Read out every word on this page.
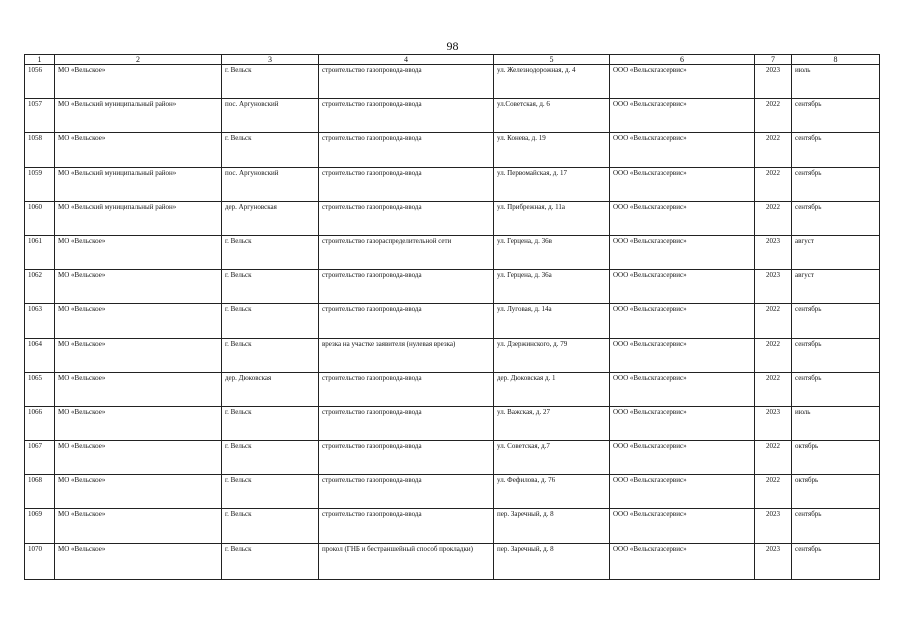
98
1	2	3	4	5	6	7	8
1056	МО «Вельское»	г. Вельск	строительство газопровода-ввода	ул. Железнодорожная, д. 4	ООО «Вельскгазсервис»	2023	июль
1057	МО «Вельский муниципальный район»	пос. Аргуновский	строительство газопровода-ввода	ул.Советская, д. 6	ООО «Вельскгазсервис»	2022	сентябрь
1058	МО «Вельское»	г. Вельск	строительство газопровода-ввода	ул. Конева, д. 19	ООО «Вельскгазсервис»	2022	сентябрь
1059	МО «Вельский муниципальный район»	пос. Аргуновский	строительство газопровода-ввода	ул. Первомайская, д. 17	ООО «Вельскгазсервис»	2022	сентябрь
1060	МО «Вельский муниципальный район»	дер. Аргуновская	строительство газопровода-ввода	ул. Прибрежная, д. 11а	ООО «Вельскгазсервис»	2022	сентябрь
1061	МО «Вельское»	г. Вельск	строительство газораспределительной сети	ул. Герцена, д. 36в	ООО «Вельскгазсервис»	2023	август
1062	МО «Вельское»	г. Вельск	строительство газопровода-ввода	ул. Герцена, д. 36а	ООО «Вельскгазсервис»	2023	август
1063	МО «Вельское»	г. Вельск	строительство газопровода-ввода	ул. Луговая, д. 14а	ООО «Вельскгазсервис»	2022	сентябрь
1064	МО «Вельское»	г. Вельск	врезка на участке заявителя (нулевая врезка)	ул. Дзержинского, д. 79	ООО «Вельскгазсервис»	2022	сентябрь
1065	МО «Вельское»	дер. Дюковская	строительство газопровода-ввода	дер. Дюковская д. 1	ООО «Вельскгазсервис»	2022	сентябрь
1066	МО «Вельское»	г. Вельск	строительство газопровода-ввода	ул. Важская, д. 27	ООО «Вельскгазсервис»	2023	июль
1067	МО «Вельское»	г. Вельск	строительство газопровода-ввода	ул. Советская, д.7	ООО «Вельскгазсервис»	2022	октябрь
1068	МО «Вельское»	г. Вельск	строительство газопровода-ввода	ул. Фефилова, д. 76	ООО «Вельскгазсервис»	2022	октябрь
1069	МО «Вельское»	г. Вельск	строительство газопровода-ввода	пер. Заречный, д. 8	ООО «Вельскгазсервис»	2023	сентябрь
1070	МО «Вельское»	г. Вельск	прокол (ГНБ и бестраншейный способ прокладки)	пер. Заречный, д. 8	ООО «Вельскгазсервис»	2023	сентябрь
